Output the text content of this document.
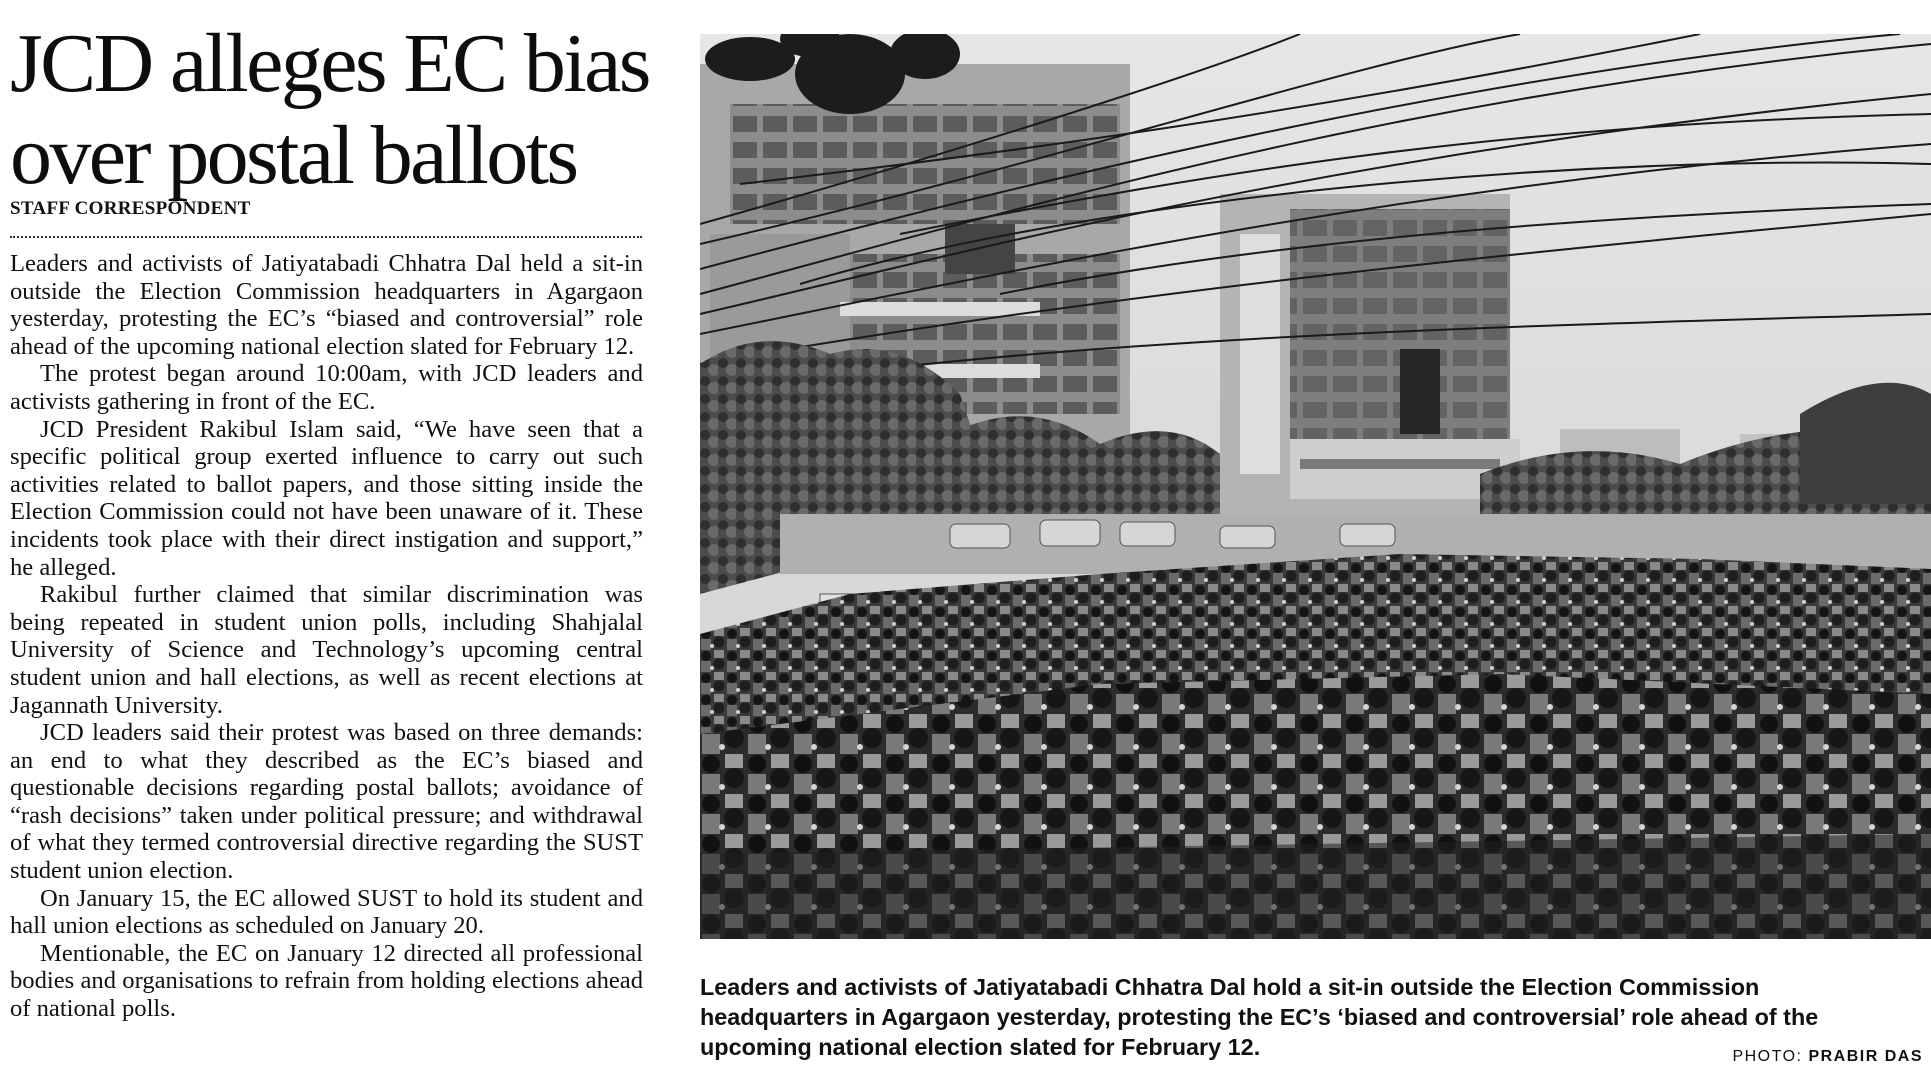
JCD alleges EC bias
over postal ballots
STAFF CORRESPONDENT

Leaders and activists of Jatiyatabadi Chhatra Dal held a sit-in outside the Election Commission headquarters in Agargaon yesterday, protesting the EC’s “biased and controversial” role ahead of the upcoming national election slated for February 12.

The protest began around 10:00am, with JCD leaders and activists gathering in front of the EC.

JCD President Rakibul Islam said, “We have seen that a specific political group exerted influence to carry out such activities related to ballot papers, and those sitting inside the Election Commission could not have been unaware of it. These incidents took place with their direct instigation and support,” he alleged.

Rakibul further claimed that similar discrimination was being repeated in student union polls, including Shahjalal University of Science and Technology’s upcoming central student union and hall elections, as well as recent elections at Jagannath University.

JCD leaders said their protest was based on three demands: an end to what they described as the EC’s biased and questionable decisions regarding postal ballots; avoidance of “rash decisions” taken under political pressure; and withdrawal of what they termed controversial directive regarding the SUST student union election.

On January 15, the EC allowed SUST to hold its student and hall union elections as scheduled on January 20.

Mentionable, the EC on January 12 directed all professional bodies and organisations to refrain from holding elections ahead of national polls.

Leaders and activists of Jatiyatabadi Chhatra Dal hold a sit-in outside the Election Commission headquarters in Agargaon yesterday, protesting the EC’s ‘biased and controversial’ role ahead of the upcoming national election slated for February 12.	PHOTO: PRABIR DAS
